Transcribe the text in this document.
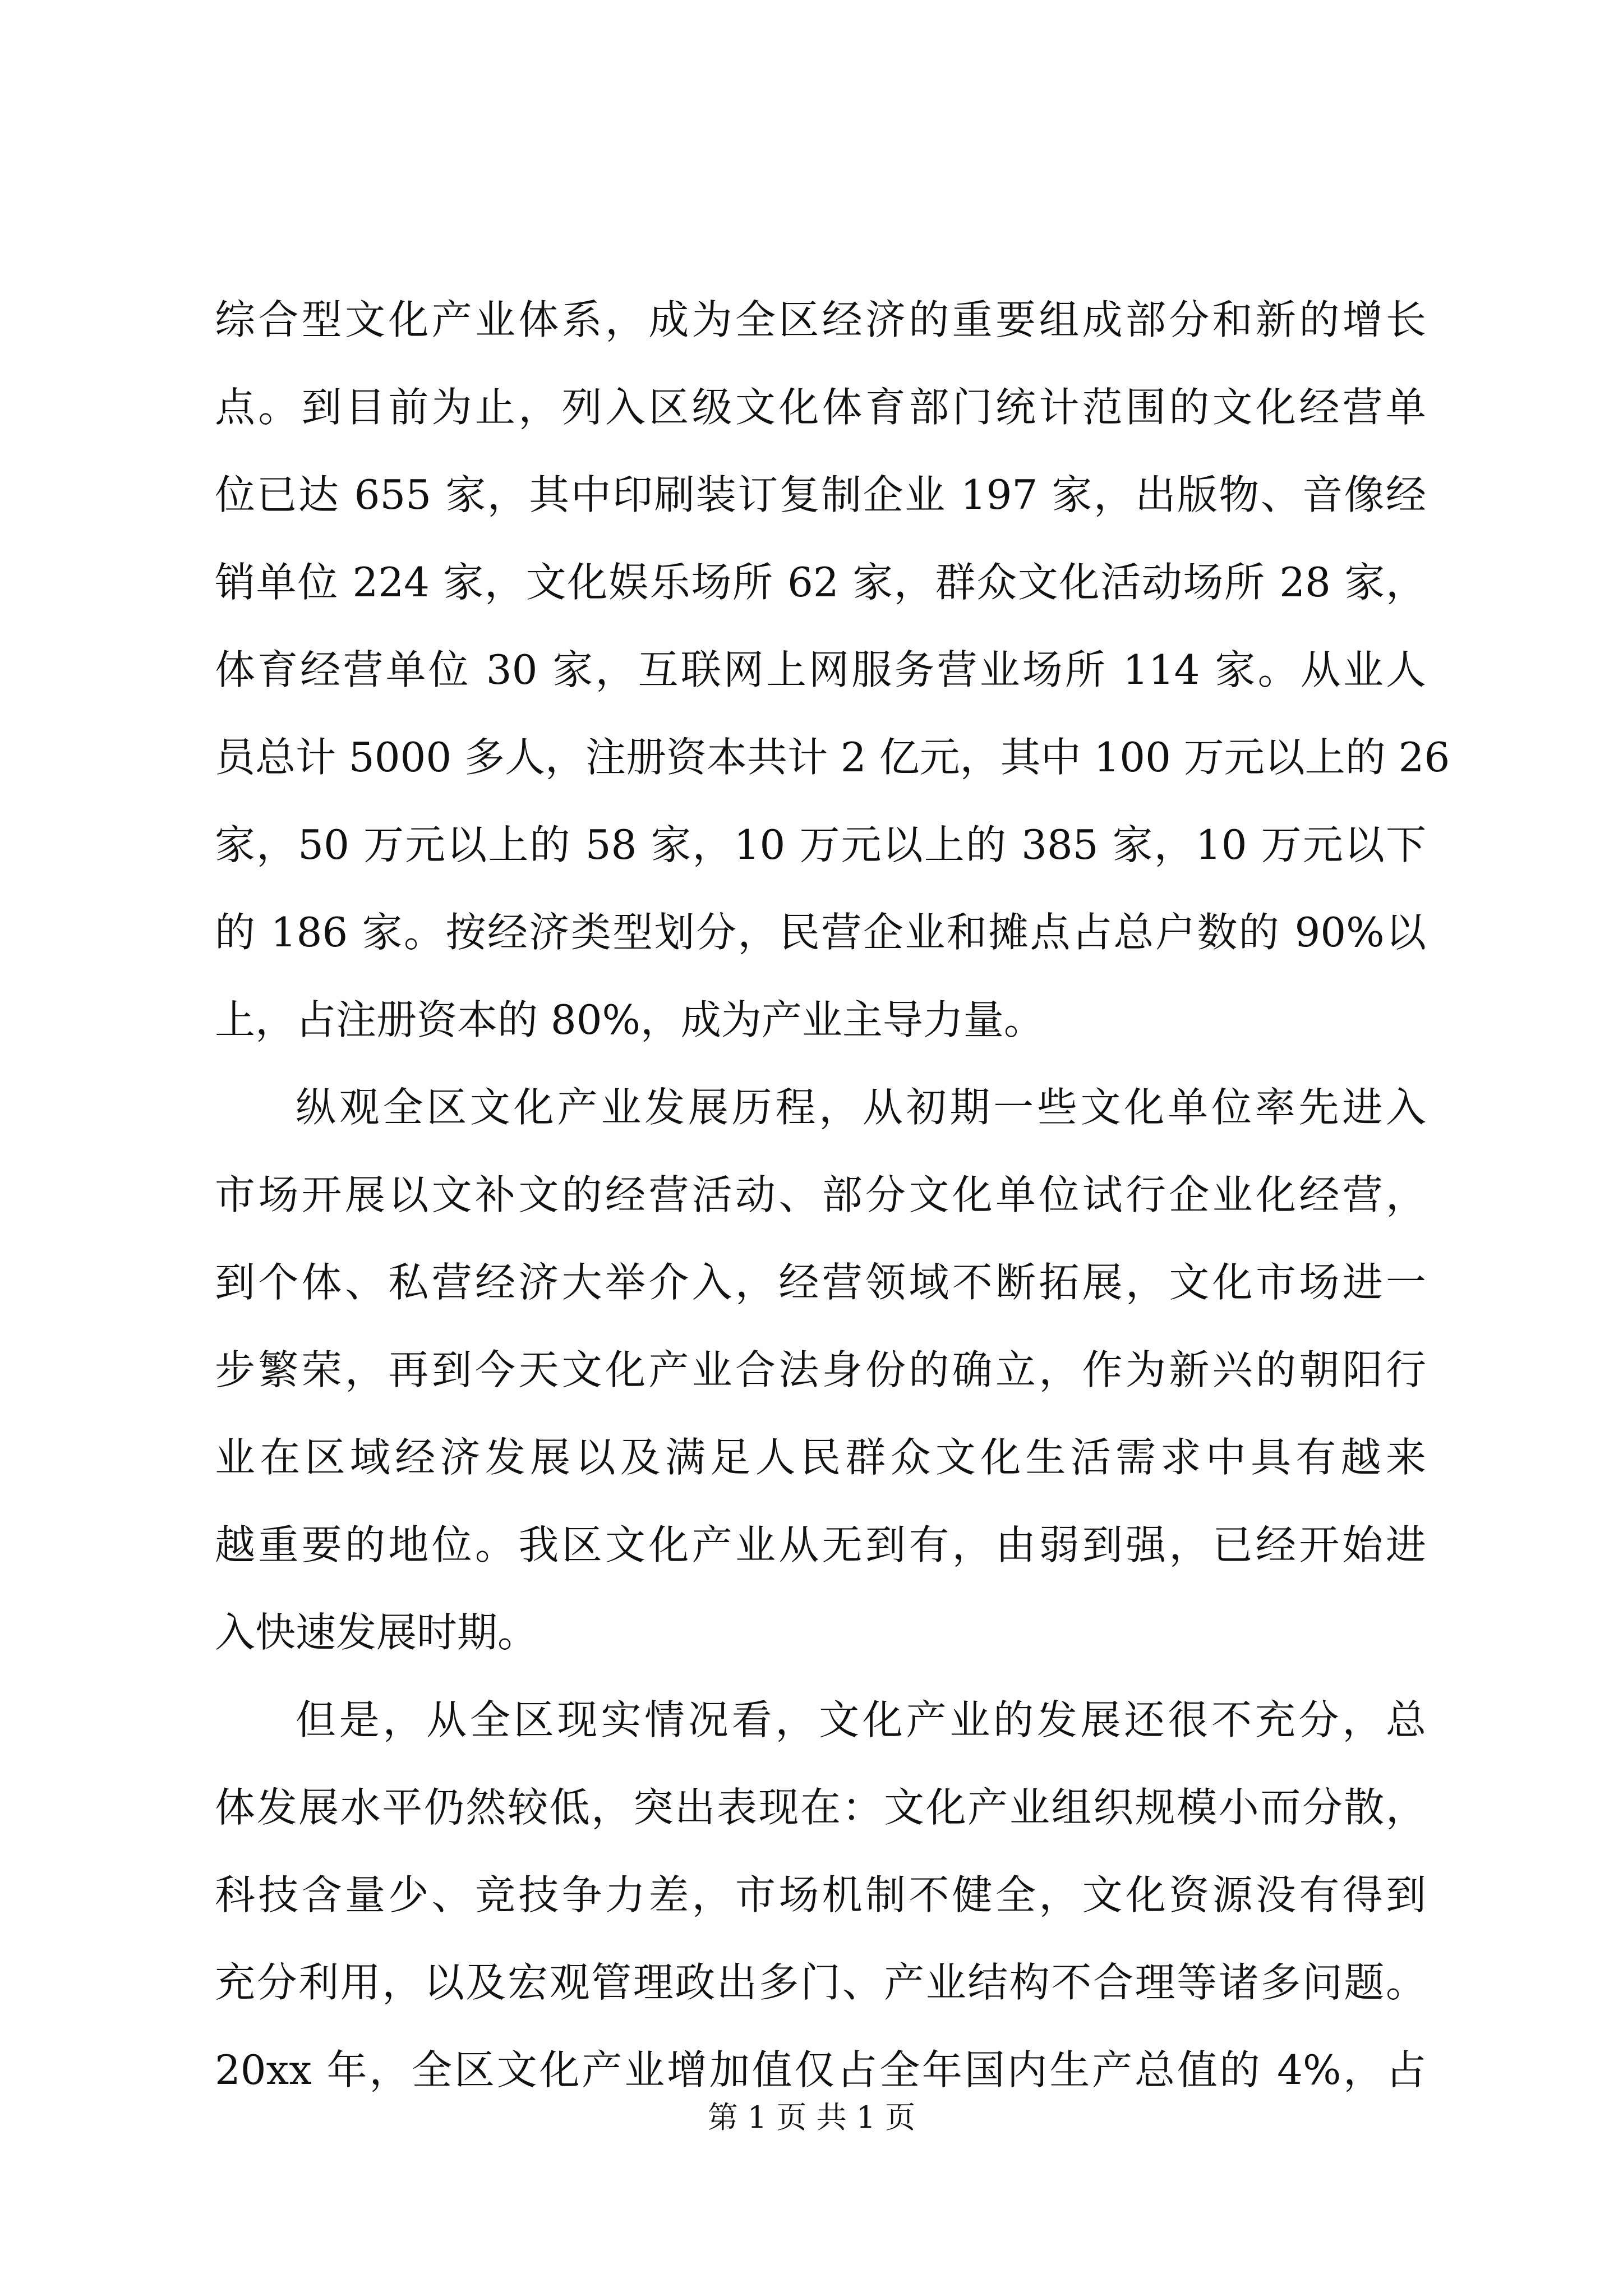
综合型文化产业体系，成为全区经济的重要组成部分和新的增长
点。到目前为止，列入区级文化体育部门统计范围的文化经营单
位已达 655 家，其中印刷装订复制企业 197 家，出版物、音像经
销单位 224 家，文化娱乐场所 62 家，群众文化活动场所 28 家，
体育经营单位 30 家，互联网上网服务营业场所 114 家。从业人
员总计 5000 多人，注册资本共计 2 亿元，其中 100 万元以上的 26
家，50 万元以上的 58 家，10 万元以上的 385 家，10 万元以下
的 186 家。按经济类型划分，民营企业和摊点占总户数的 90%以
上，占注册资本的 80%，成为产业主导力量。
纵观全区文化产业发展历程，从初期一些文化单位率先进入
市场开展以文补文的经营活动、部分文化单位试行企业化经营，
到个体、私营经济大举介入，经营领域不断拓展，文化市场进一
步繁荣，再到今天文化产业合法身份的确立，作为新兴的朝阳行
业在区域经济发展以及满足人民群众文化生活需求中具有越来
越重要的地位。我区文化产业从无到有，由弱到强，已经开始进
入快速发展时期。
但是，从全区现实情况看，文化产业的发展还很不充分，总
体发展水平仍然较低，突出表现在：文化产业组织规模小而分散，
科技含量少、竞技争力差，市场机制不健全，文化资源没有得到
充分利用，以及宏观管理政出多门、产业结构不合理等诸多问题。
20xx 年，全区文化产业增加值仅占全年国内生产总值的 4%，占
第 1 页 共 1 页
